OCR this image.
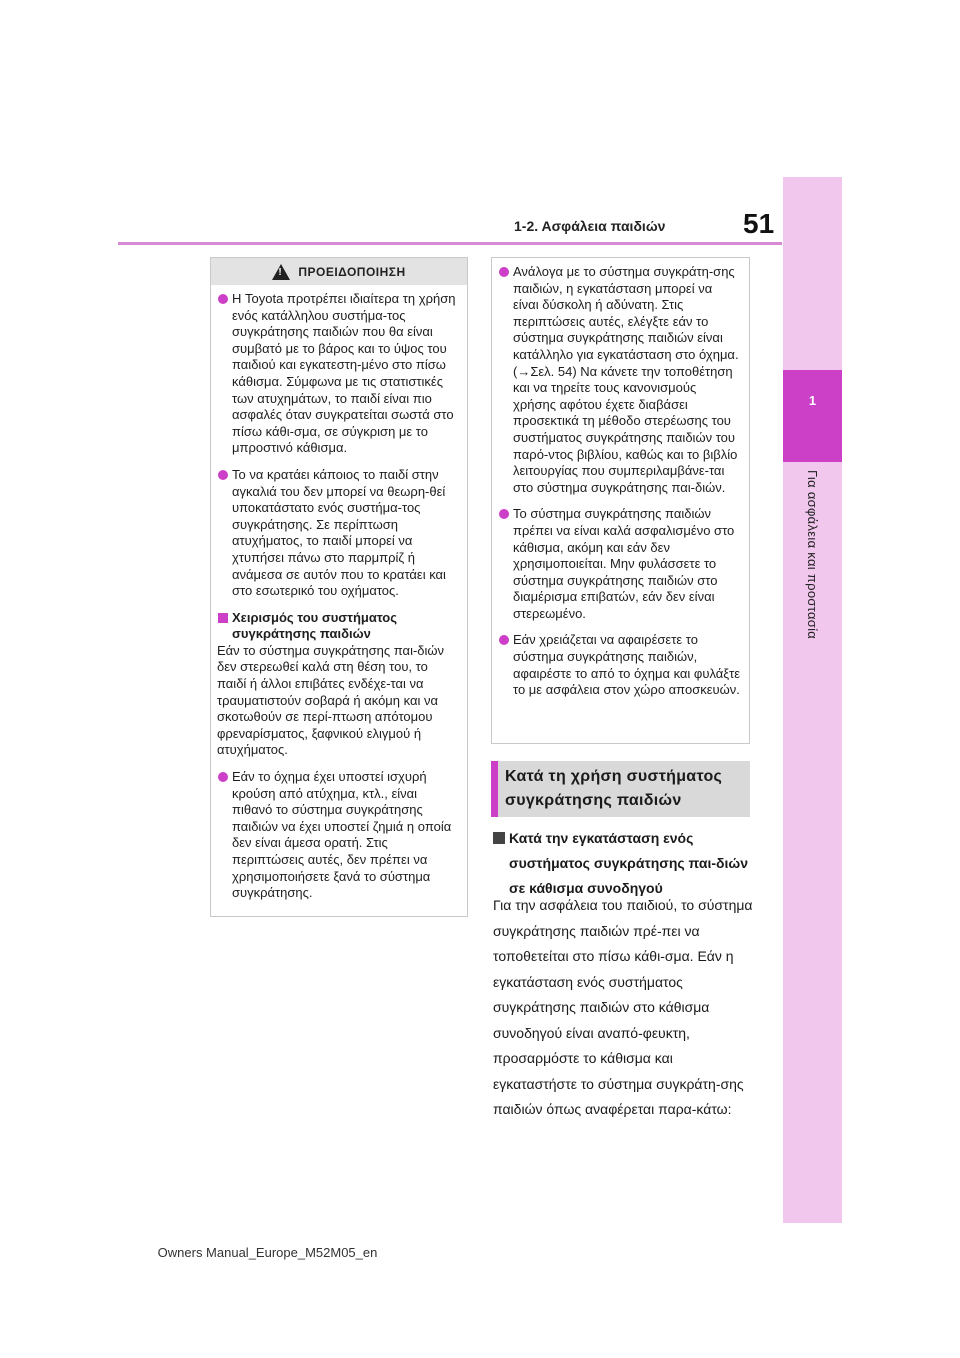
1-2. Ασφάλεια παιδιών	51
1
Για ασφάλεια και προστασία
!
ΠΡΟΕΙΔΟΠΟΙΗΣΗ
Η Toyota προτρέπει ιδιαίτερα τη χρήση ενός κατάλληλου συστήμα-τος συγκράτησης παιδιών που θα είναι συμβατό με το βάρος και το ύψος του παιδιού και εγκατεστη-μένο στο πίσω κάθισμα. Σύμφωνα με τις στατιστικές των ατυχημάτων, το παιδί είναι πιο ασφαλές όταν συγκρατείται σωστά στο πίσω κάθι-σμα, σε σύγκριση με το μπροστινό κάθισμα.
Το να κρατάει κάποιος το παιδί στην αγκαλιά του δεν μπορεί να θεωρη-θεί υποκατάστατο ενός συστήμα-τος συγκράτησης. Σε περίπτωση ατυχήματος, το παιδί μπορεί να χτυπήσει πάνω στο παρμπρίζ ή ανάμεσα σε αυτόν που το κρατάει και στο εσωτερικό του οχήματος.
Χειρισμός του συστήματος συγκράτησης παιδιών

Εάν το σύστημα συγκράτησης παι-διών δεν στερεωθεί καλά στη θέση του, το παιδί ή άλλοι επιβάτες ενδέχε-ται να τραυματιστούν σοβαρά ή ακόμη και να σκοτωθούν σε περί-πτωση απότομου φρεναρίσματος, ξαφνικού ελιγμού ή ατυχήματος.

Εάν το όχημα έχει υποστεί ισχυρή κρούση από ατύχημα, κτλ., είναι πιθανό το σύστημα συγκράτησης παιδιών να έχει υποστεί ζημιά η οποία δεν είναι άμεσα ορατή. Στις περιπτώσεις αυτές, δεν πρέπει να χρησιμοποιήσετε ξανά το σύστημα συγκράτησης.
Ανάλογα με το σύστημα συγκράτη-σης παιδιών, η εγκατάσταση μπορεί να είναι δύσκολη ή αδύνατη. Στις περιπτώσεις αυτές, ελέγξτε εάν το σύστημα συγκράτησης παιδιών είναι κατάλληλο για εγκατάσταση στο όχημα. (→Σελ. 54) Να κάνετε την τοποθέτηση και να τηρείτε τους κανονισμούς χρήσης αφότου έχετε διαβάσει προσεκτικά τη μέθοδο στερέωσης του συστήματος συγκράτησης παιδιών του παρό-ντος βιβλίου, καθώς και το βιβλίο λειτουργίας που συμπεριλαμβάνε-ται στο σύστημα συγκράτησης παι-διών.
Το σύστημα συγκράτησης παιδιών πρέπει να είναι καλά ασφαλισμένο στο κάθισμα, ακόμη και εάν δεν χρησιμοποιείται. Μην φυλάσσετε το σύστημα συγκράτησης παιδιών στο διαμέρισμα επιβατών, εάν δεν είναι στερεωμένο.
Εάν χρειάζεται να αφαιρέσετε το σύστημα συγκράτησης παιδιών, αφαιρέστε το από το όχημα και φυλάξτε το με ασφάλεια στον χώρο αποσκευών.
Κατά τη χρήση συστήματος
συγκράτησης παιδιών
Κατά την εγκατάσταση ενός συστήματος συγκράτησης παι-διών σε κάθισμα συνοδηγού
Για την ασφάλεια του παιδιού, το σύστημα συγκράτησης παιδιών πρέ-πει να τοποθετείται στο πίσω κάθι-σμα. Εάν η εγκατάσταση ενός συστήματος συγκράτησης παιδιών στο κάθισμα συνοδηγού είναι αναπό-φευκτη, προσαρμόστε το κάθισμα και εγκαταστήστε το σύστημα συγκράτη-σης παιδιών όπως αναφέρεται παρα-κάτω:
Owners Manual_Europe_M52M05_en
